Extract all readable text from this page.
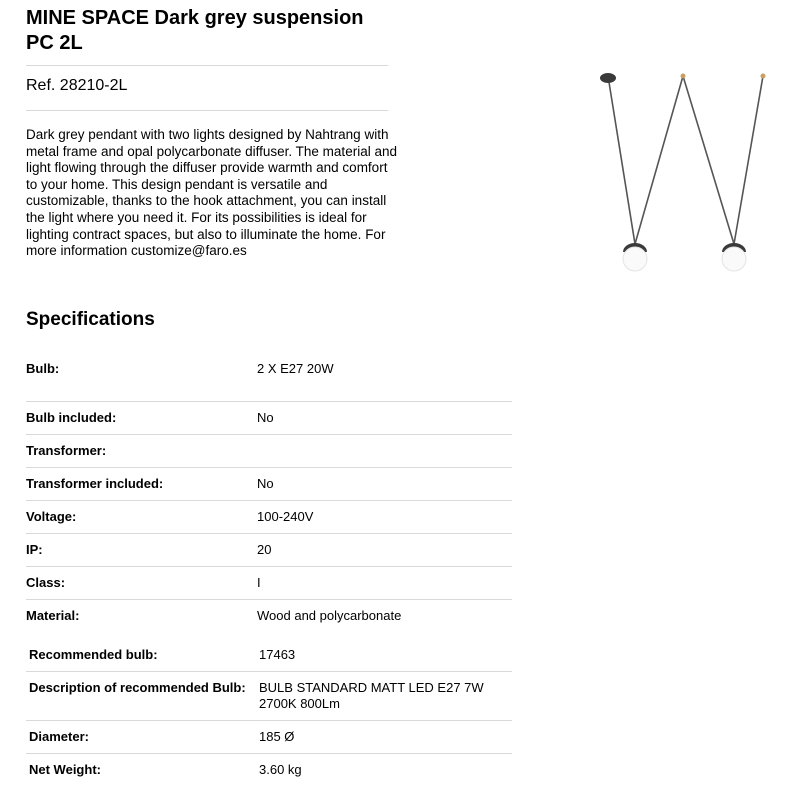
MINE SPACE Dark grey suspension PC 2L
Ref. 28210-2L

Dark grey pendant with two lights designed by Nahtrang with metal frame and opal polycarbonate diffuser. The material and light flowing through the diffuser provide warmth and comfort to your home. This design pendant is versatile and customizable, thanks to the hook attachment, you can install the light where you need it. For its possibilities is ideal for lighting contract spaces, but also to illuminate the home. For more information customize@faro.es

Specifications
Bulb:	2 X E27 20W
Bulb included:	No
Transformer:
Transformer included:	No
Voltage:	100-240V
IP:	20
Class:	I
Material:	Wood and polycarbonate
Recommended bulb:	17463
Description of recommended Bulb: BULB STANDARD MATT LED E27 7W 2700K 800Lm
Diameter:	185 Ø
Net Weight:	3.60 kg
